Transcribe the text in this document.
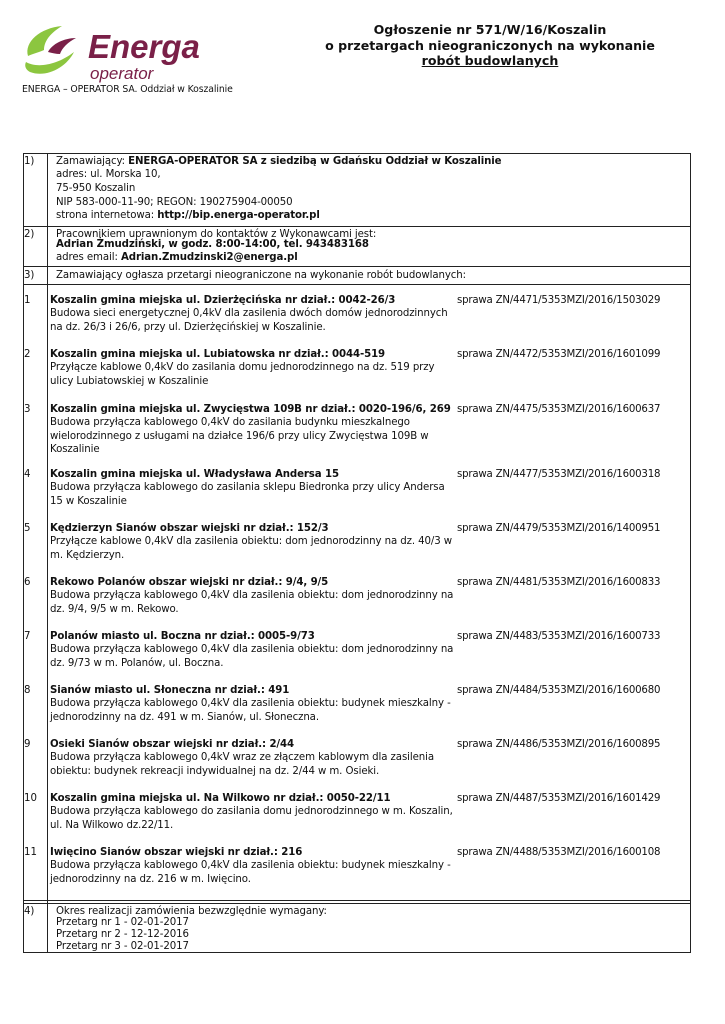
Energa
operator
ENERGA – OPERATOR SA. Oddział w Koszalinie
Ogłoszenie nr 571/W/16/Koszalin
o przetargach nieograniczonych na wykonanie
robót budowlanych
1) Zamawiający: ENERGA-OPERATOR SA z siedzibą w Gdańsku Oddział w Koszalinie
adres: ul. Morska 10,
75-950 Koszalin
NIP 583-000-11-90; REGON: 190275904-00050
strona internetowa: http://bip.energa-operator.pl
2) Pracownikiem uprawnionym do kontaktów z Wykonawcami jest:
Adrian Żmudziński, w godz. 8:00-14:00, tel. 943483168
adres email: Adrian.Zmudzinski2@energa.pl
3) Zamawiający ogłasza przetargi nieograniczone na wykonanie robót budowlanych:
1 Koszalin gmina miejska ul. Dzierżęcińska nr dział.: 0042-26/3
Budowa sieci energetycznej 0,4kV dla zasilenia dwóch domów jednorodzinnych na dz. 26/3 i 26/6, przy ul. Dzierżęcińskiej w Koszalinie.
sprawa ZN/4471/5353MZI/2016/1503029
2 Koszalin gmina miejska ul. Lubiatowska nr dział.: 0044-519
Przyłącze kablowe 0,4kV do zasilania domu jednorodzinnego na dz. 519 przy ulicy Lubiatowskiej w Koszalinie
sprawa ZN/4472/5353MZI/2016/1601099
3 Koszalin gmina miejska ul. Zwycięstwa 109B nr dział.: 0020-196/6, 269
Budowa przyłącza kablowego 0,4kV do zasilania budynku mieszkalnego wielorodzinnego z usługami na działce 196/6 przy ulicy Zwycięstwa 109B w Koszalinie
sprawa ZN/4475/5353MZI/2016/1600637
4 Koszalin gmina miejska ul. Władysława Andersa 15
Budowa przyłącza kablowego do zasilania sklepu Biedronka przy ulicy Andersa 15 w Koszalinie
sprawa ZN/4477/5353MZI/2016/1600318
5 Kędzierzyn Sianów obszar wiejski nr dział.: 152/3
Przyłącze kablowe 0,4kV dla zasilenia obiektu: dom jednorodzinny na dz. 40/3 w m. Kędzierzyn.
sprawa ZN/4479/5353MZI/2016/1400951
6 Rekowo Polanów obszar wiejski nr dział.: 9/4, 9/5
Budowa przyłącza kablowego 0,4kV dla zasilenia obiektu: dom jednorodzinny na dz. 9/4, 9/5 w m. Rekowo.
sprawa ZN/4481/5353MZI/2016/1600833
7 Polanów miasto ul. Boczna nr dział.: 0005-9/73
Budowa przyłącza kablowego 0,4kV dla zasilenia obiektu: dom jednorodzinny na dz. 9/73 w m. Polanów, ul. Boczna.
sprawa ZN/4483/5353MZI/2016/1600733
8 Sianów miasto ul. Słoneczna nr dział.: 491
Budowa przyłącza kablowego 0,4kV dla zasilenia obiektu: budynek mieszkalny - jednorodzinny na dz. 491 w m. Sianów, ul. Słoneczna.
sprawa ZN/4484/5353MZI/2016/1600680
9 Osieki Sianów obszar wiejski nr dział.: 2/44
Budowa przyłącza kablowego 0,4kV wraz ze złączem kablowym dla zasilenia obiektu: budynek rekreacji indywidualnej na dz. 2/44 w m. Osieki.
sprawa ZN/4486/5353MZI/2016/1600895
10 Koszalin gmina miejska ul. Na Wilkowo nr dział.: 0050-22/11
Budowa przyłącza kablowego do zasilania domu jednorodzinnego w m. Koszalin, ul. Na Wilkowo dz.22/11.
sprawa ZN/4487/5353MZI/2016/1601429
11 Iwięcino Sianów obszar wiejski nr dział.: 216
Budowa przyłącza kablowego 0,4kV dla zasilenia obiektu: budynek mieszkalny - jednorodzinny na dz. 216 w m. Iwięcino.
sprawa ZN/4488/5353MZI/2016/1600108
4) Okres realizacji zamówienia bezwzględnie wymagany:
Przetarg nr 1 - 02-01-2017
Przetarg nr 2 - 12-12-2016
Przetarg nr 3 - 02-01-2017
